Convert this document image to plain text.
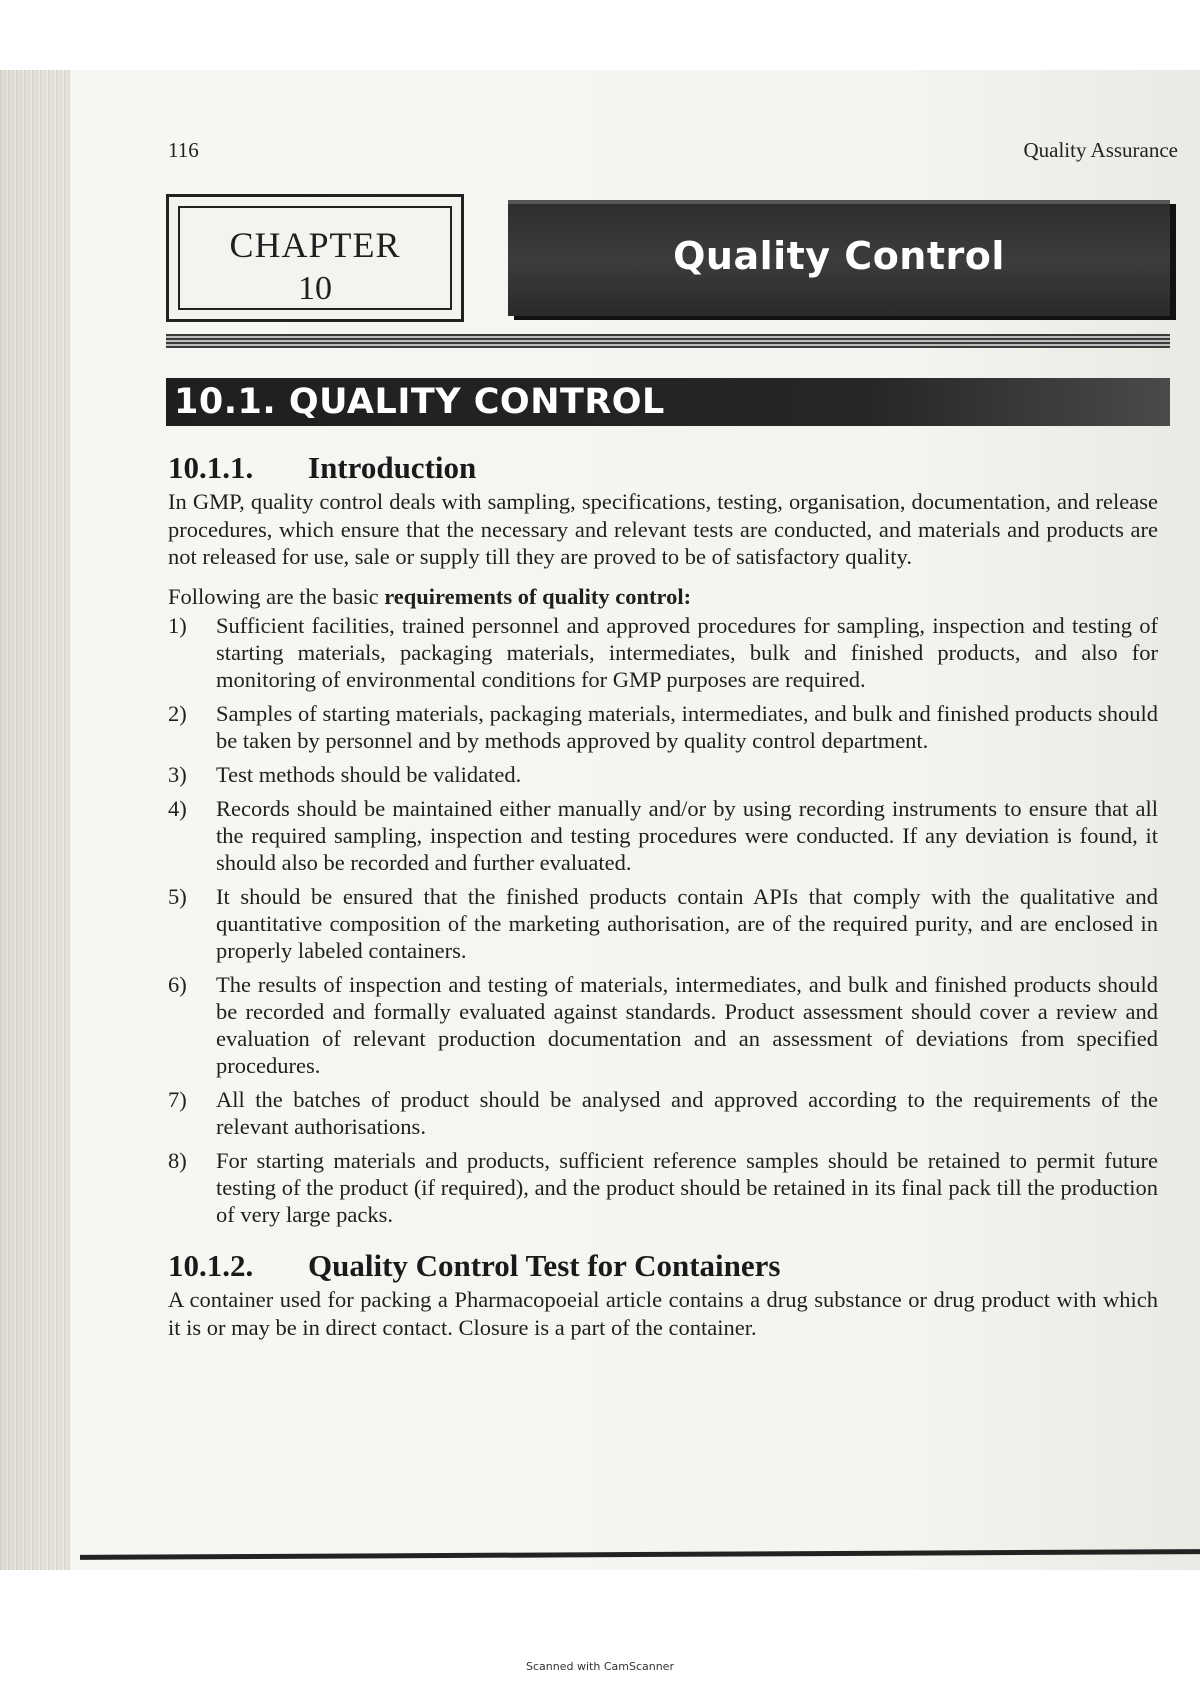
116	Quality Assurance
CHAPTER
10
Quality Control
10.1. QUALITY CONTROL
10.1.1. Introduction

In GMP, quality control deals with sampling, specifications, testing, organisation, documentation, and release procedures, which ensure that the necessary and relevant tests are conducted, and materials and products are not released for use, sale or supply till they are proved to be of satisfactory quality.

Following are the basic requirements of quality control:

1) Sufficient facilities, trained personnel and approved procedures for sampling, inspection and testing of starting materials, packaging materials, intermediates, bulk and finished products, and also for monitoring of environmental conditions for GMP purposes are required.
2) Samples of starting materials, packaging materials, intermediates, and bulk and finished products should be taken by personnel and by methods approved by quality control department.
3) Test methods should be validated.
4) Records should be maintained either manually and/or by using recording instruments to ensure that all the required sampling, inspection and testing procedures were conducted. If any deviation is found, it should also be recorded and further evaluated.
5) It should be ensured that the finished products contain APIs that comply with the qualitative and quantitative composition of the marketing authorisation, are of the required purity, and are enclosed in properly labeled containers.
6) The results of inspection and testing of materials, intermediates, and bulk and finished products should be recorded and formally evaluated against standards. Product assessment should cover a review and evaluation of relevant production documentation and an assessment of deviations from specified procedures.
7) All the batches of product should be analysed and approved according to the requirements of the relevant authorisations.
8) For starting materials and products, sufficient reference samples should be retained to permit future testing of the product (if required), and the product should be retained in its final pack till the production of very large packs.
10.1.2. Quality Control Test for Containers

A container used for packing a Pharmacopoeial article contains a drug substance or drug product with which it is or may be in direct contact. Closure is a part of the container.

Scanned with CamScanner
